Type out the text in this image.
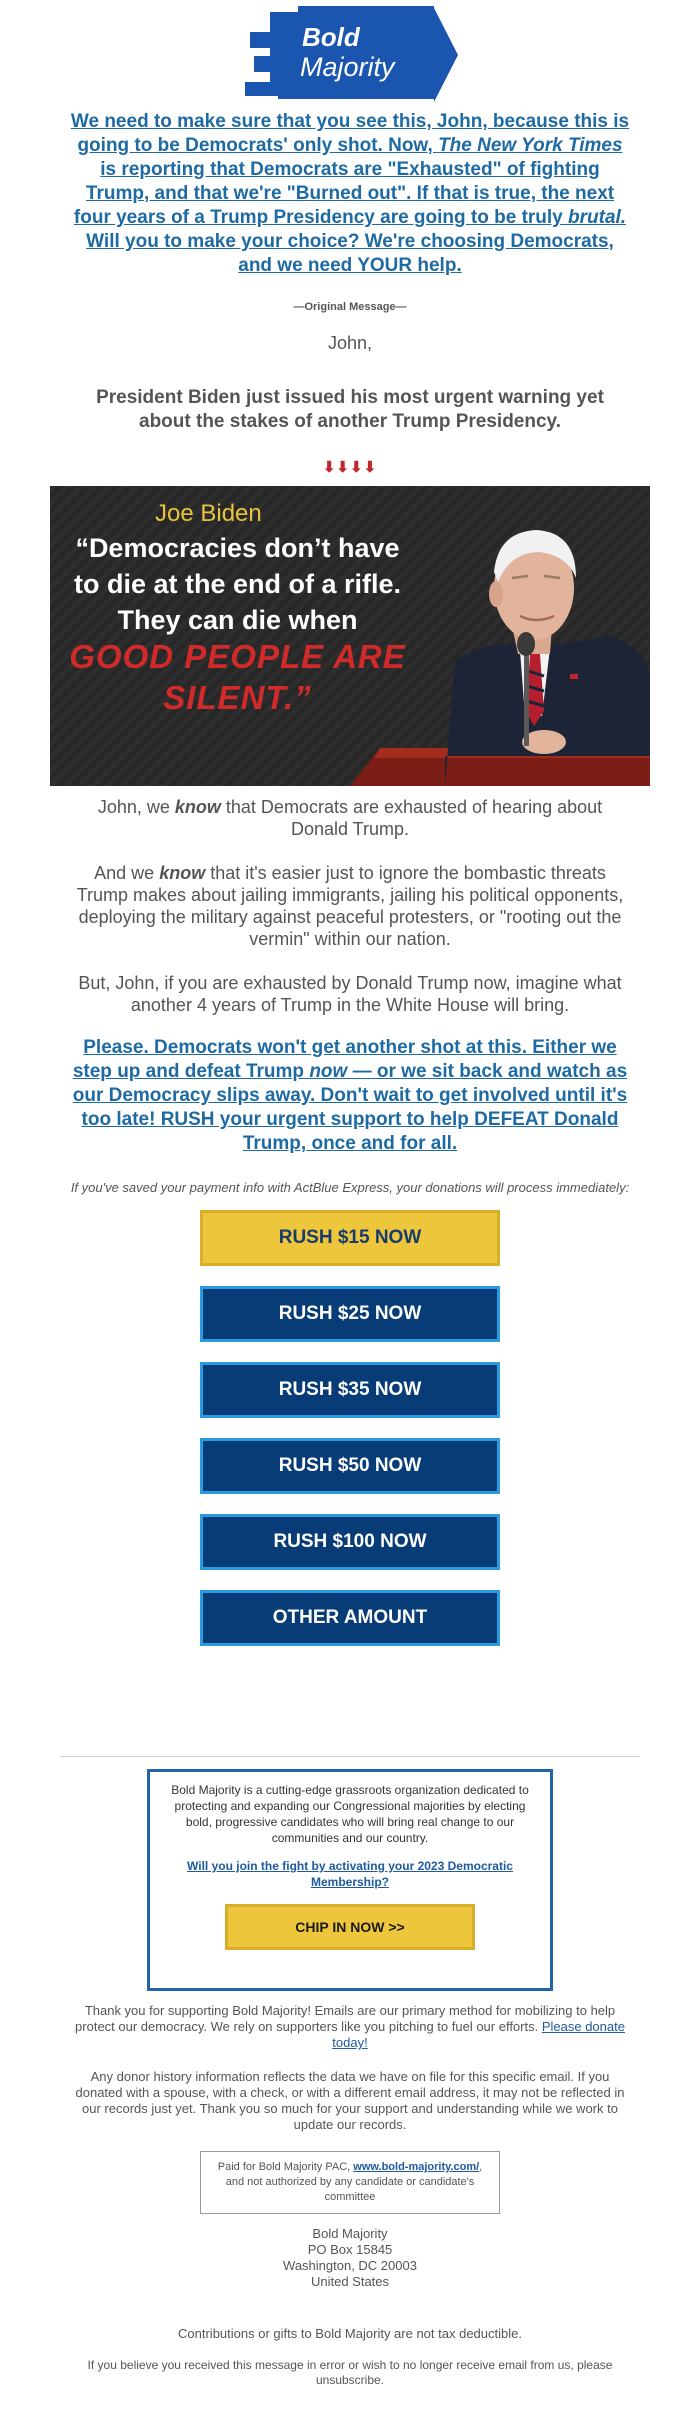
Bold
Majority

We need to make sure that you see this, John, because this is going to be Democrats' only shot. Now, The New York Times is reporting that Democrats are "Exhausted" of fighting Trump, and that we're "Burned out". If that is true, the next four years of a Trump Presidency are going to be truly brutal. Will you to make your choice? We're choosing Democrats, and we need YOUR help.

—Original Message—
John,
President Biden just issued his most urgent warning yet about the stakes of another Trump Presidency.
⬇⬇⬇⬇
Joe Biden
“Democracies don’t have to die at the end of a rifle. They can die when
GOOD PEOPLE ARE SILENT.”

John, we know that Democrats are exhausted of hearing about Donald Trump.

And we know that it's easier just to ignore the bombastic threats Trump makes about jailing immigrants, jailing his political opponents, deploying the military against peaceful protesters, or "rooting out the vermin" within our nation.

But, John, if you are exhausted by Donald Trump now, imagine what another 4 years of Trump in the White House will bring.

Please. Democrats won't get another shot at this. Either we step up and defeat Trump now — or we sit back and watch as our Democracy slips away. Don't wait to get involved until it's too late! RUSH your urgent support to help DEFEAT Donald Trump, once and for all.

If you've saved your payment info with ActBlue Express, your donations will process immediately:

RUSH $15 NOW
RUSH $25 NOW
RUSH $35 NOW
RUSH $50 NOW
RUSH $100 NOW
OTHER AMOUNT

Bold Majority is a cutting-edge grassroots organization dedicated to protecting and expanding our Congressional majorities by electing bold, progressive candidates who will bring real change to our communities and our country.

Will you join the fight by activating your 2023 Democratic Membership?

CHIP IN NOW >>

Thank you for supporting Bold Majority! Emails are our primary method for mobilizing to help protect our democracy. We rely on supporters like you pitching to fuel our efforts. Please donate today!

Any donor history information reflects the data we have on file for this specific email. If you donated with a spouse, with a check, or with a different email address, it may not be reflected in our records just yet. Thank you so much for your support and understanding while we work to update our records.

Paid for Bold Majority PAC, www.bold-majority.com/, and not authorized by any candidate or candidate's committee
Bold Majority
PO Box 15845
Washington, DC 20003
United States

Contributions or gifts to Bold Majority are not tax deductible.

If you believe you received this message in error or wish to no longer receive email from us, please unsubscribe.
